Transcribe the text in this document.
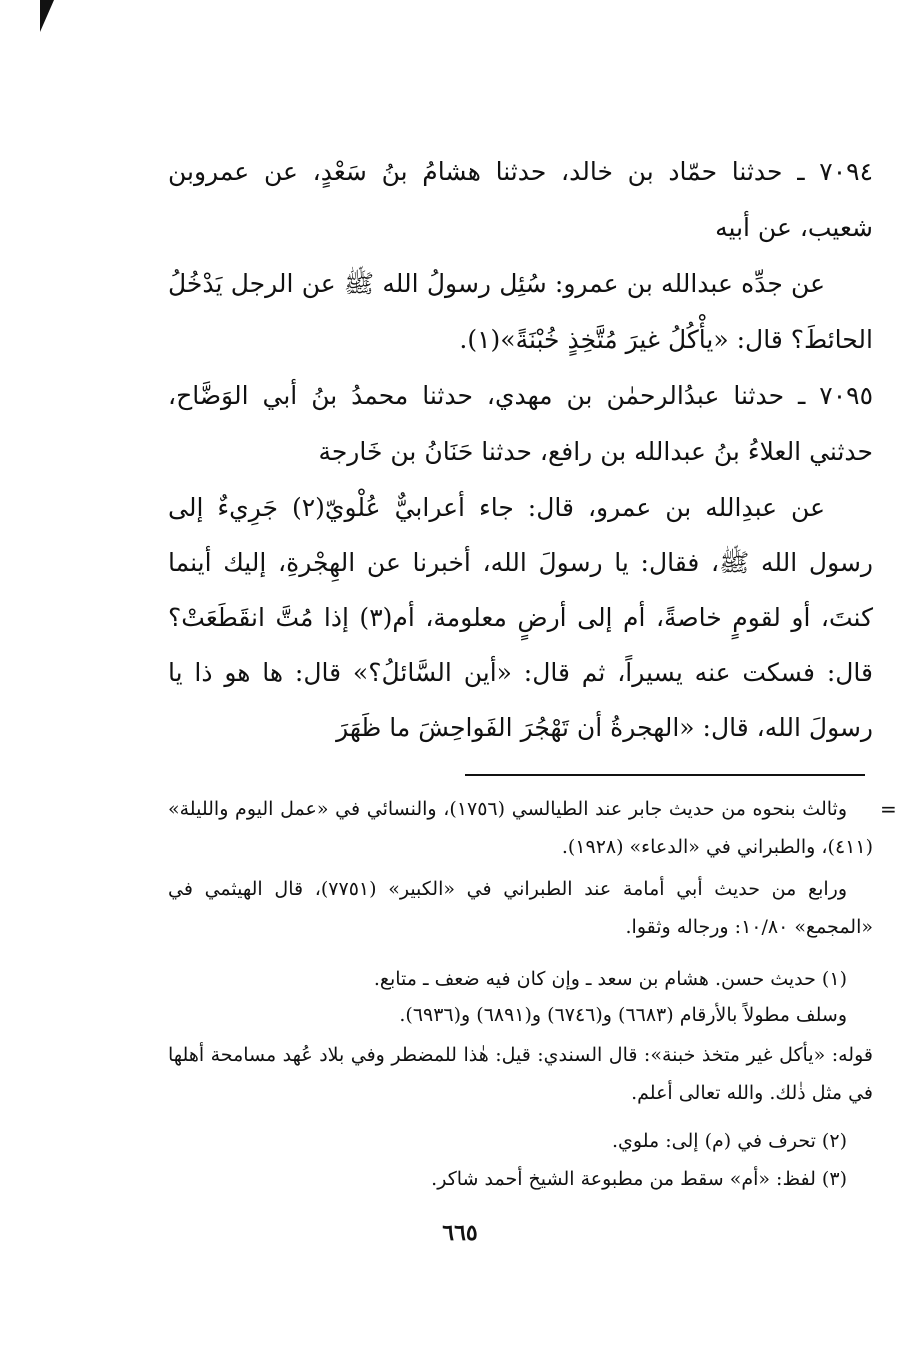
٧٠٩٤ ـ حدثنا حمّاد بن خالد، حدثنا هشامُ بنُ سَعْدٍ، عن عمروبن شعيب، عن أبيه

عن جدِّه عبدالله بن عمرو: سُئِل رسولُ الله ﷺ عن الرجل يَدْخُلُ الحائطَ؟ قال: «يأْكُلُ غيرَ مُتَّخِذٍ خُبْنَةً»(١).

٧٠٩٥ ـ حدثنا عبدُالرحمٰن بن مهدي، حدثنا محمدُ بنُ أبي الوَضَّاح، حدثني العلاءُ بنُ عبدالله بن رافع، حدثنا حَنَانُ بن خَارجة

عن عبدِالله بن عمرو، قال: جاء أعرابيٌّ عُلْويّ(٢) جَرِيءٌ إلى رسول الله ﷺ، فقال: يا رسولَ الله، أخبرنا عن الهِجْرةِ، إليك أينما كنتَ، أو لقومٍ خاصةً، أم إلى أرضٍ معلومة، أم(٣) إذا مُتَّ انقَطَعَتْ؟ قال: فسكت عنه يسيراً، ثم قال: «أين السَّائلُ؟» قال: ها هو ذا يا رسولَ الله، قال: «الهجرةُ أن تَهْجُرَ الفَواحِشَ ما ظَهَرَ

وثالث بنحوه من حديث جابر عند الطيالسي (١٧٥٦)، والنسائي في «عمل اليوم والليلة» (٤١١)، والطبراني في «الدعاء» (١٩٢٨).

ورابع من حديث أبي أمامة عند الطبراني في «الكبير» (٧٧٥١)، قال الهيثمي في «المجمع» ١٠/٨٠: ورجاله وثقوا.

(١) حديث حسن. هشام بن سعد ـ وإن كان فيه ضعف ـ متابع.

وسلف مطولاً بالأرقام (٦٦٨٣) و(٦٧٤٦) و(٦٨٩١) و(٦٩٣٦).

قوله: «يأكل غير متخذ خبنة»: قال السندي: قيل: هٰذا للمضطر وفي بلاد عُهد مسامحة أهلها في مثل ذٰلك. والله تعالى أعلم.

(٢) تحرف في (م) إلى: ملوي.

(٣) لفظ: «أم» سقط من مطبوعة الشيخ أحمد شاكر.

=
٦٦٥
